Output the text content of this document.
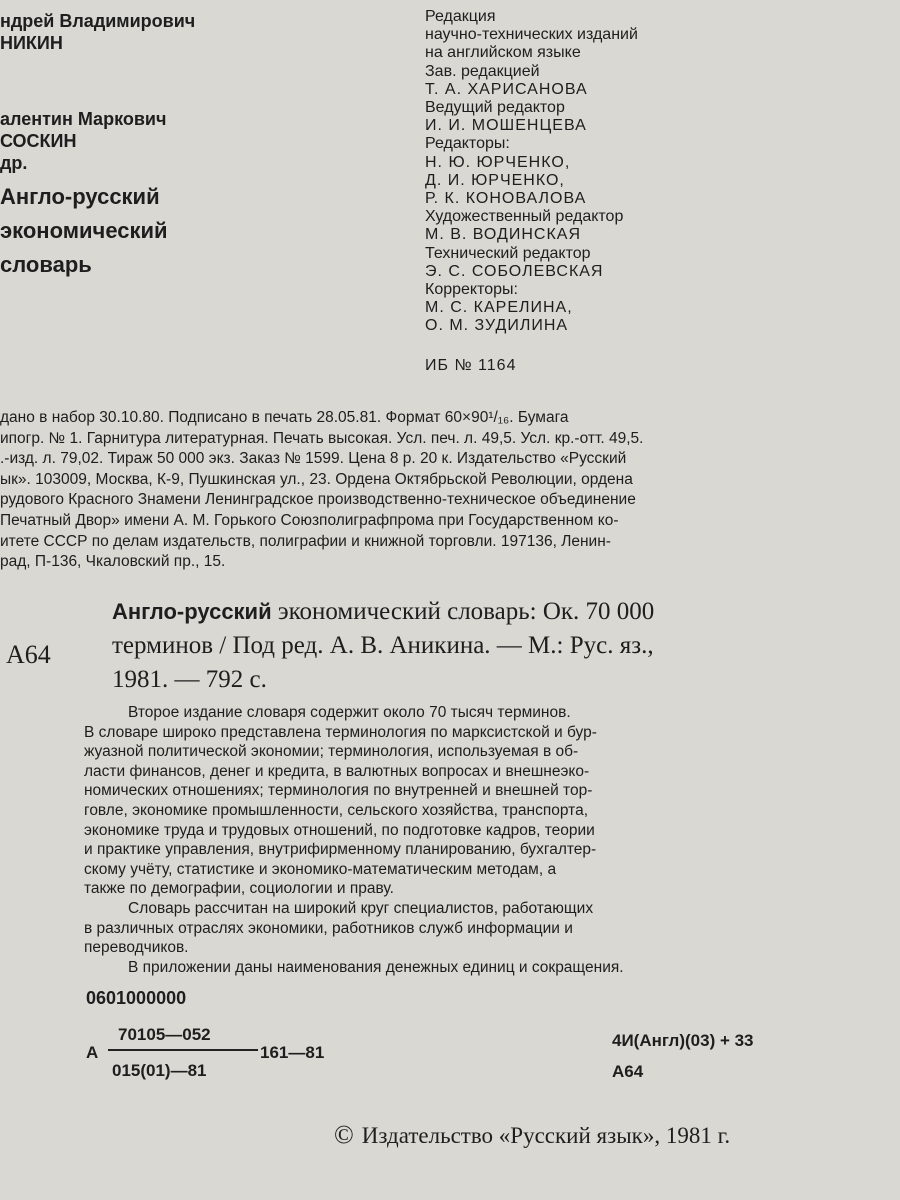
ндрей Владимирович
НИКИН
алентин Маркович
СОСКИН
др.
Англо-русский
экономический
словарь
Редакция
научно-технических изданий
на английском языке
Зав. редакцией
Т. А. ХАРИСАНОВА
Ведущий редактор
И. И. МОШЕНЦЕВА
Редакторы:
Н. Ю. ЮРЧЕНКО,
Д. И. ЮРЧЕНКО,
Р. К. КОНОВАЛОВА
Художественный редактор
М. В. ВОДИНСКАЯ
Технический редактор
Э. С. СОБОЛЕВСКАЯ
Корректоры:
М. С. КАРЕЛИНА,
О. М. ЗУДИЛИНА
ИБ № 1164
дано в набор 30.10.80. Подписано в печать 28.05.81. Формат 60×90¹/₁₆. Бумага
ипогр. № 1. Гарнитура литературная. Печать высокая. Усл. печ. л. 49,5. Усл. кр.-отт. 49,5.
.-изд. л. 79,02. Тираж 50 000 экз. Заказ № 1599. Цена 8 р. 20 к. Издательство «Русский
ык». 103009, Москва, К-9, Пушкинская ул., 23. Ордена Октябрьской Революции, ордена
рудового Красного Знамени Ленинградское производственно-техническое объединение
Печатный Двор» имени А. М. Горького Союзполиграфпрома при Государственном ко-
итете СССР по делам издательств, полиграфии и книжной торговли. 197136, Ленин-
рад, П-136, Чкаловский пр., 15.
А64
Англо-русский экономический словарь: Ок. 70 000
терминов / Под ред. А. В. Аникина. — М.: Рус. яз.,
1981. — 792 с.
Второе издание словаря содержит около 70 тысяч терминов.
В словаре широко представлена терминология по марксистской и бур-
жуазной политической экономии; терминология, используемая в об-
ласти финансов, денег и кредита, в валютных вопросах и внешнеэко-
номических отношениях; терминология по внутренней и внешней тор-
говле, экономике промышленности, сельского хозяйства, транспорта,
экономике труда и трудовых отношений, по подготовке кадров, теории
и практике управления, внутрифирменному планированию, бухгалтер-
скому учёту, статистике и экономико-математическим методам, а
также по демографии, социологии и праву.
Словарь рассчитан на широкий круг специалистов, работающих
в различных отраслях экономики, работников служб информации и
переводчиков.
В приложении даны наименования денежных единиц и сокращения.
0601000000
А
70105—052
015(01)—81
161—81
4И(Англ)(03) + 33
А64
© Издательство «Русский язык», 1981 г.
